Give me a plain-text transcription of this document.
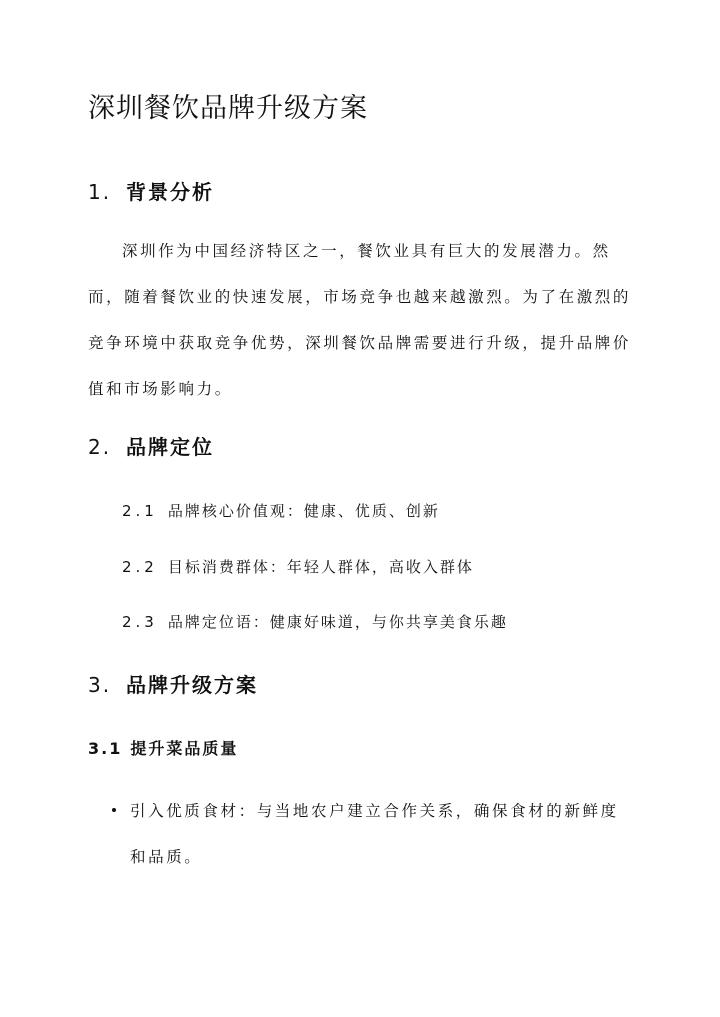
深圳餐饮品牌升级方案
1. 背景分析

深圳作为中国经济特区之一，餐饮业具有巨大的发展潜力。然而，随着餐饮业的快速发展，市场竞争也越来越激烈。为了在激烈的竞争环境中获取竞争优势，深圳餐饮品牌需要进行升级，提升品牌价值和市场影响力。

2. 品牌定位
2.1 品牌核心价值观：健康、优质、创新
2.2 目标消费群体：年轻人群体，高收入群体
2.3 品牌定位语：健康好味道，与你共享美食乐趣
3. 品牌升级方案
3.1 提升菜品质量

引入优质食材：与当地农户建立合作关系，确保食材的新鲜度和品质。
